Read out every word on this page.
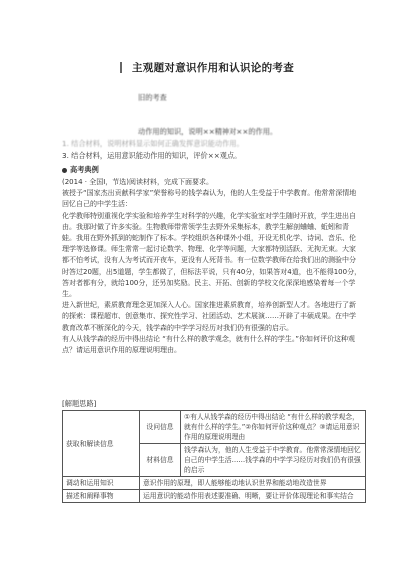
主观题对意识作用和认识论的考查
旧的考查
动作用的知识，说明××精神对××的作用。
1. 结合材料，说明材料显示如何正确发挥意识能动作用。
3. 结合材料，运用意识能动作用的知识，评价××观点。
高考典例

(2014 · 全国Ⅰ，节选)阅读材料，完成下面要求。

被授予“国家杰出贡献科学家”荣誉称号的钱学森认为，他的人生受益于中学教育。他常常深情地回忆自己的中学生活：

化学教师特别重视化学实验和培养学生对科学的兴趣，化学实验室对学生随时开放，学生进出自由。我那时做了许多实验。生物教师带常领学生去野外采集标本，教学生解剖蛐蛐、蚯蚓和青蛙。我用在野外抓到的蛇制作了标本。学校组织各种课外小组，开设无机化学、诗词、音乐、伦理学等选修课。师生常常一起讨论数学、物理、化学等问题，大家都特别活跃、无拘无束。大家都不怕考试，没有人为考试而开夜车，更没有人死背书。有一位数学教师在给我们出的测验中分时答过20题，出5道题，学生都做了，但标法平说，只有40分，如果答对4道，也不能得100分，答对者都有分，就给100分，还另加奖励。民主、开拓、创新的学校文化深深地感染着每一个学生。

进入新世纪，素质教育理念更加深入人心。国家推进素质教育，培养创新型人才。各地进行了新的探索：课程超市、创意集市、探究性学习、社团活动、艺术展演……开辟了丰硕成果。在中学教育改革不断深化的今天，钱学森的中学学习经历对我们仍有很强的启示。

有人从钱学森的经历中得出结论 “有什么样的教学观念，就有什么样的学生。”你如何评价这种观点？请运用意识作用的原理说明理由。

[解题思路]
获取和解读信息	设问信息	①有人从钱学森的经历中得出结论 “有什么样的教学观念，就有什么样的学生。”②你如何评价这种观点？③请运用意识作用的原理说明理由
	材料信息	钱学森认为，他的人生受益于中学教育。他常常深情地回忆自己的中学生活……钱学森的中学学习经历对我们仍有很强的启示
调动和运用知识	意识作用的原理，即人能够能动地认识世界和能动地改造世界	
描述和阐释事物	运用意识的能动作用表述要准确、明晰，要让评价体现理论和事实结合	
